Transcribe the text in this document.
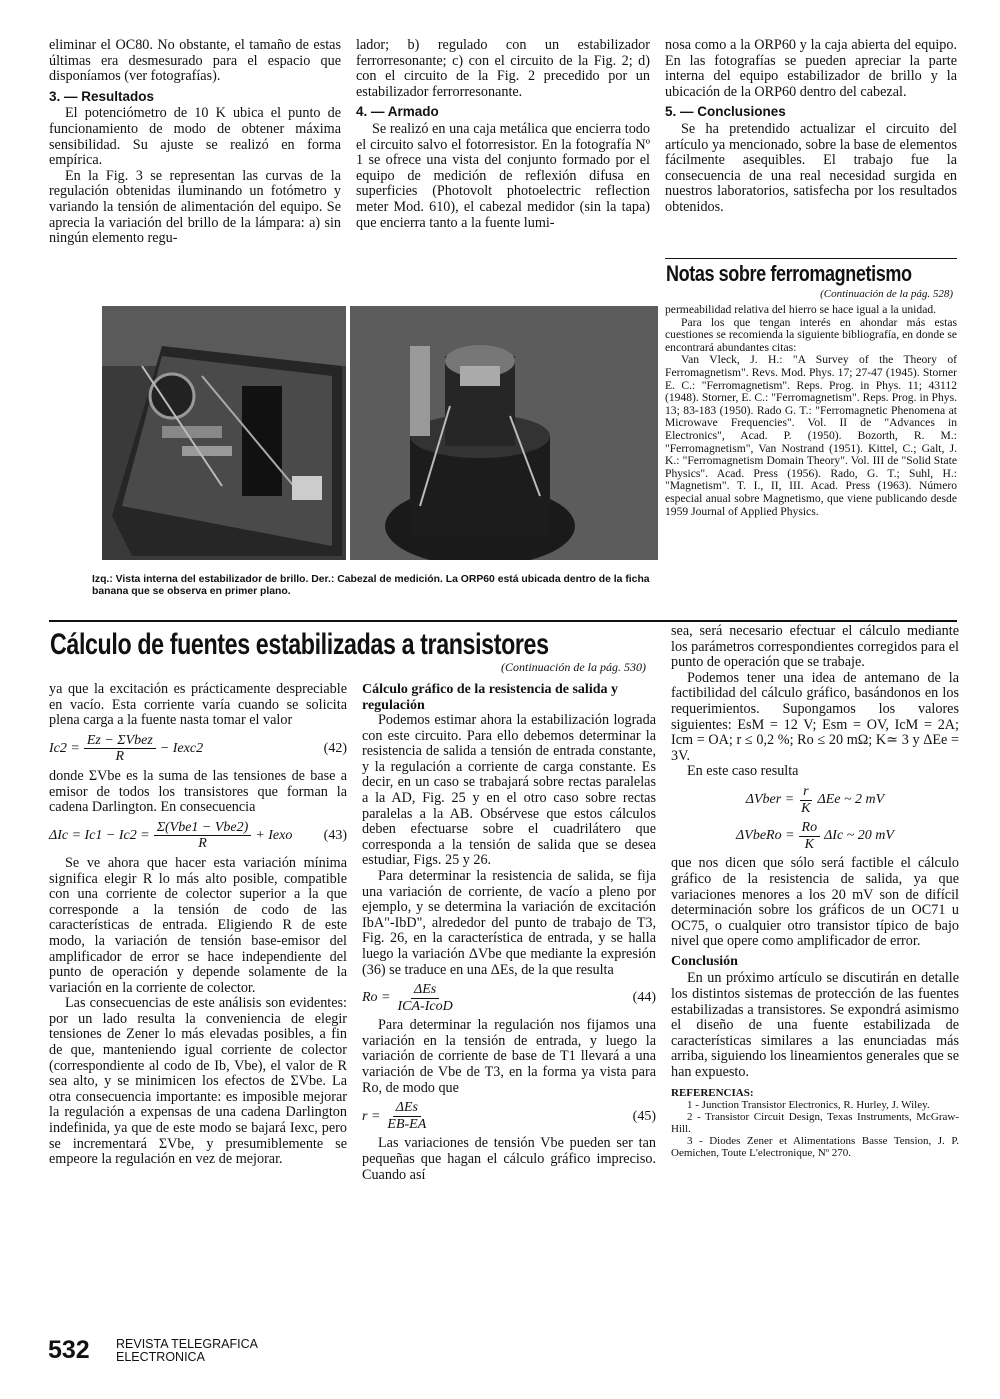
eliminar el OC80. No obstante, el tamaño de estas últimas era desmesurado para el espacio que disponíamos (ver fotografías).

3. — Resultados

El potenciómetro de 10 K ubica el punto de funcionamiento de modo de obtener máxima sensibilidad. Su ajuste se realizó en forma empírica.

En la Fig. 3 se representan las curvas de la regulación obtenidas iluminando un fotómetro y variando la tensión de alimentación del equipo. Se aprecia la variación del brillo de la lámpara: a) sin ningún elemento regu-

lador; b) regulado con un estabilizador ferrorresonante; c) con el circuito de la Fig. 2; d) con el circuito de la Fig. 2 precedido por un estabilizador ferrorresonante.

4. — Armado

Se realizó en una caja metálica que encierra todo el circuito salvo el fotorresistor. En la fotografía Nº 1 se ofrece una vista del conjunto formado por el equipo de medición de reflexión difusa en superficies (Photovolt photoelectric reflection meter Mod. 610), el cabezal medidor (sin la tapa) que encierra tanto a la fuente lumi-

nosa como a la ORP60 y la caja abierta del equipo. En las fotografías se pueden apreciar la parte interna del equipo estabilizador de brillo y la ubicación de la ORP60 dentro del cabezal.

5. — Conclusiones

Se ha pretendido actualizar el circuito del artículo ya mencionado, sobre la base de elementos fácilmente asequibles. El trabajo fue la consecuencia de una real necesidad surgida en nuestros laboratorios, satisfecha por los resultados obtenidos.

Izq.: Vista interna del estabilizador de brillo. Der.: Cabezal de medición. La ORP60 está ubicada dentro de la ficha banana que se observa en primer plano.
Notas sobre ferromagnetismo
(Continuación de la pág. 528)

permeabilidad relativa del hierro se hace igual a la unidad.

Para los que tengan interés en ahondar más estas cuestiones se recomienda la siguiente bibliografía, en donde se encontrará abundantes citas:

Van Vleck, J. H.: "A Survey of the Theory of Ferromagnetism". Revs. Mod. Phys. 17; 27-47 (1945). Storner E. C.: "Ferromagnetism". Reps. Prog. in Phys. 11; 43112 (1948). Storner, E. C.: "Ferromagnetism". Reps. Prog. in Phys. 13; 83-183 (1950). Rado G. T.: "Ferromagnetic Phenomena at Microwave Frequencies". Vol. II de "Advances in Electronics", Acad. P. (1950). Bozorth, R. M.: "Ferromagnetism", Van Nostrand (1951). Kittel, C.; Galt, J. K.: "Ferromagnetism Domain Theory". Vol. III de "Solid State Physics". Acad. Press (1956). Rado, G. T.; Suhl, H.: "Magnetism". T. I., II, III. Acad. Press (1963). Número especial anual sobre Magnetismo, que viene publicando desde 1959 Journal of Applied Physics.

Cálculo de fuentes estabilizadas a transistores
(Continuación de la pág. 530)

ya que la excitación es prácticamente despreciable en vacío. Esta corriente varía cuando se solicita plena carga a la fuente nasta tomar el valor

$Ic2 = \frac{\text{Ez − ΣVbez}}{R}$ − Iexc2	(42)

donde ΣVbe es la suma de las tensiones de base a emisor de todos los transistores que forman la cadena Darlington. En consecuencia

$\Delta Ic = Ic1 - Ic2 = \frac{\text{Σ(Vbe1 − Vbe2)}}{R}$ + Iexo (43)

Se ve ahora que hacer esta variación mínima significa elegir R lo más alto posible, compatible con una corriente de colector superior a la que corresponde a la tensión de codo de las características de entrada. Eligiendo R de este modo, la variación de tensión base-emisor del amplificador de error se hace independiente del punto de operación y depende solamente de la variación en la corriente de colector.

Las consecuencias de este análisis son evidentes: por un lado resulta la conveniencia de elegir tensiones de Zener lo más elevadas posibles, a fin de que, manteniendo igual corriente de colector (correspondiente al codo de Ib, Vbe), el valor de R sea alto, y se minimicen los efectos de ΣVbe. La otra consecuencia importante: es imposible mejorar la regulación a expensas de una cadena Darlington indefinida, ya que de este modo se bajará Iexc, pero se incrementará ΣVbe, y presumiblemente se empeore la regulación en vez de mejorar.

Cálculo gráfico de la resistencia de salida y regulación

Podemos estimar ahora la estabilización lograda con este circuito. Para ello debemos determinar la resistencia de salida a tensión de entrada constante, y la regulación a corriente de carga constante. Es decir, en un caso se trabajará sobre rectas paralelas a la AD, Fig. 25 y en el otro caso sobre rectas paralelas a la AB. Obsérvese que estos cálculos deben efectuarse sobre el cuadrilátero que corresponda a la tensión de salida que se desea estudiar, Figs. 25 y 26.

Para determinar la resistencia de salida, se fija una variación de corriente, de vacío a pleno por ejemplo, y se determina la variación de excitación IbA"-IbD", alrededor del punto de trabajo de T3, Fig. 26, en la característica de entrada, y se halla luego la variación ΔVbe que mediante la expresión (36) se traduce en una ΔEs, de la que resulta

$Ro = \frac{\text{ΔEs}}{\text{ICA-IcoD}}$	(44)

Para determinar la regulación nos fijamos una variación en la tensión de entrada, y luego la variación de corriente de base de T1 llevará a una variación de Vbe de T3, en la forma ya vista para Ro, de modo que

$r = \frac{\text{ΔEs}}{EB-EA}$	(45)

Las variaciones de tensión Vbe pueden ser tan pequeñas que hagan el cálculo gráfico impreciso. Cuando así

sea, será necesario efectuar el cálculo mediante los parámetros correspondientes corregidos para el punto de operación que se trabaje.

Podemos tener una idea de antemano de la factibilidad del cálculo gráfico, basándonos en los requerimientos. Supongamos los valores siguientes: EsM = 12 V; Esm = OV, IcM = 2A; Icm = OA; r ≤ 0,2 %; Ro ≤ 20 mΩ; K≃ 3 y ΔEe = 3V.

En este caso resulta

ΔVber = $\frac{r}{K}$ ΔEe ~ 2 mV
ΔVbeRo = $\frac{Ro}{K}$ ΔIc ~ 20 mV

que nos dicen que sólo será factible el cálculo gráfico de la resistencia de salida, ya que variaciones menores a los 20 mV son de difícil determinación sobre los gráficos de un OC71 u OC75, o cualquier otro transistor típico de bajo nivel que opere como amplificador de error.

Conclusión

En un próximo artículo se discutirán en detalle los distintos sistemas de protección de las fuentes estabilizadas a transistores. Se expondrá asimismo el diseño de una fuente estabilizada de características similares a las enunciadas más arriba, siguiendo los lineamientos generales que se han expuesto.

REFERENCIAS:

1 - Junction Transistor Electronics, R. Hurley, J. Wiley.

2 - Transistor Circuit Design, Texas Instruments, McGraw-Hill.

3 - Diodes Zener et Alimentations Basse Tension, J. P. Oemichen, Toute L'electronique, Nº 270.

532 REVISTA TELEGRAFICA
ELECTRONICA
